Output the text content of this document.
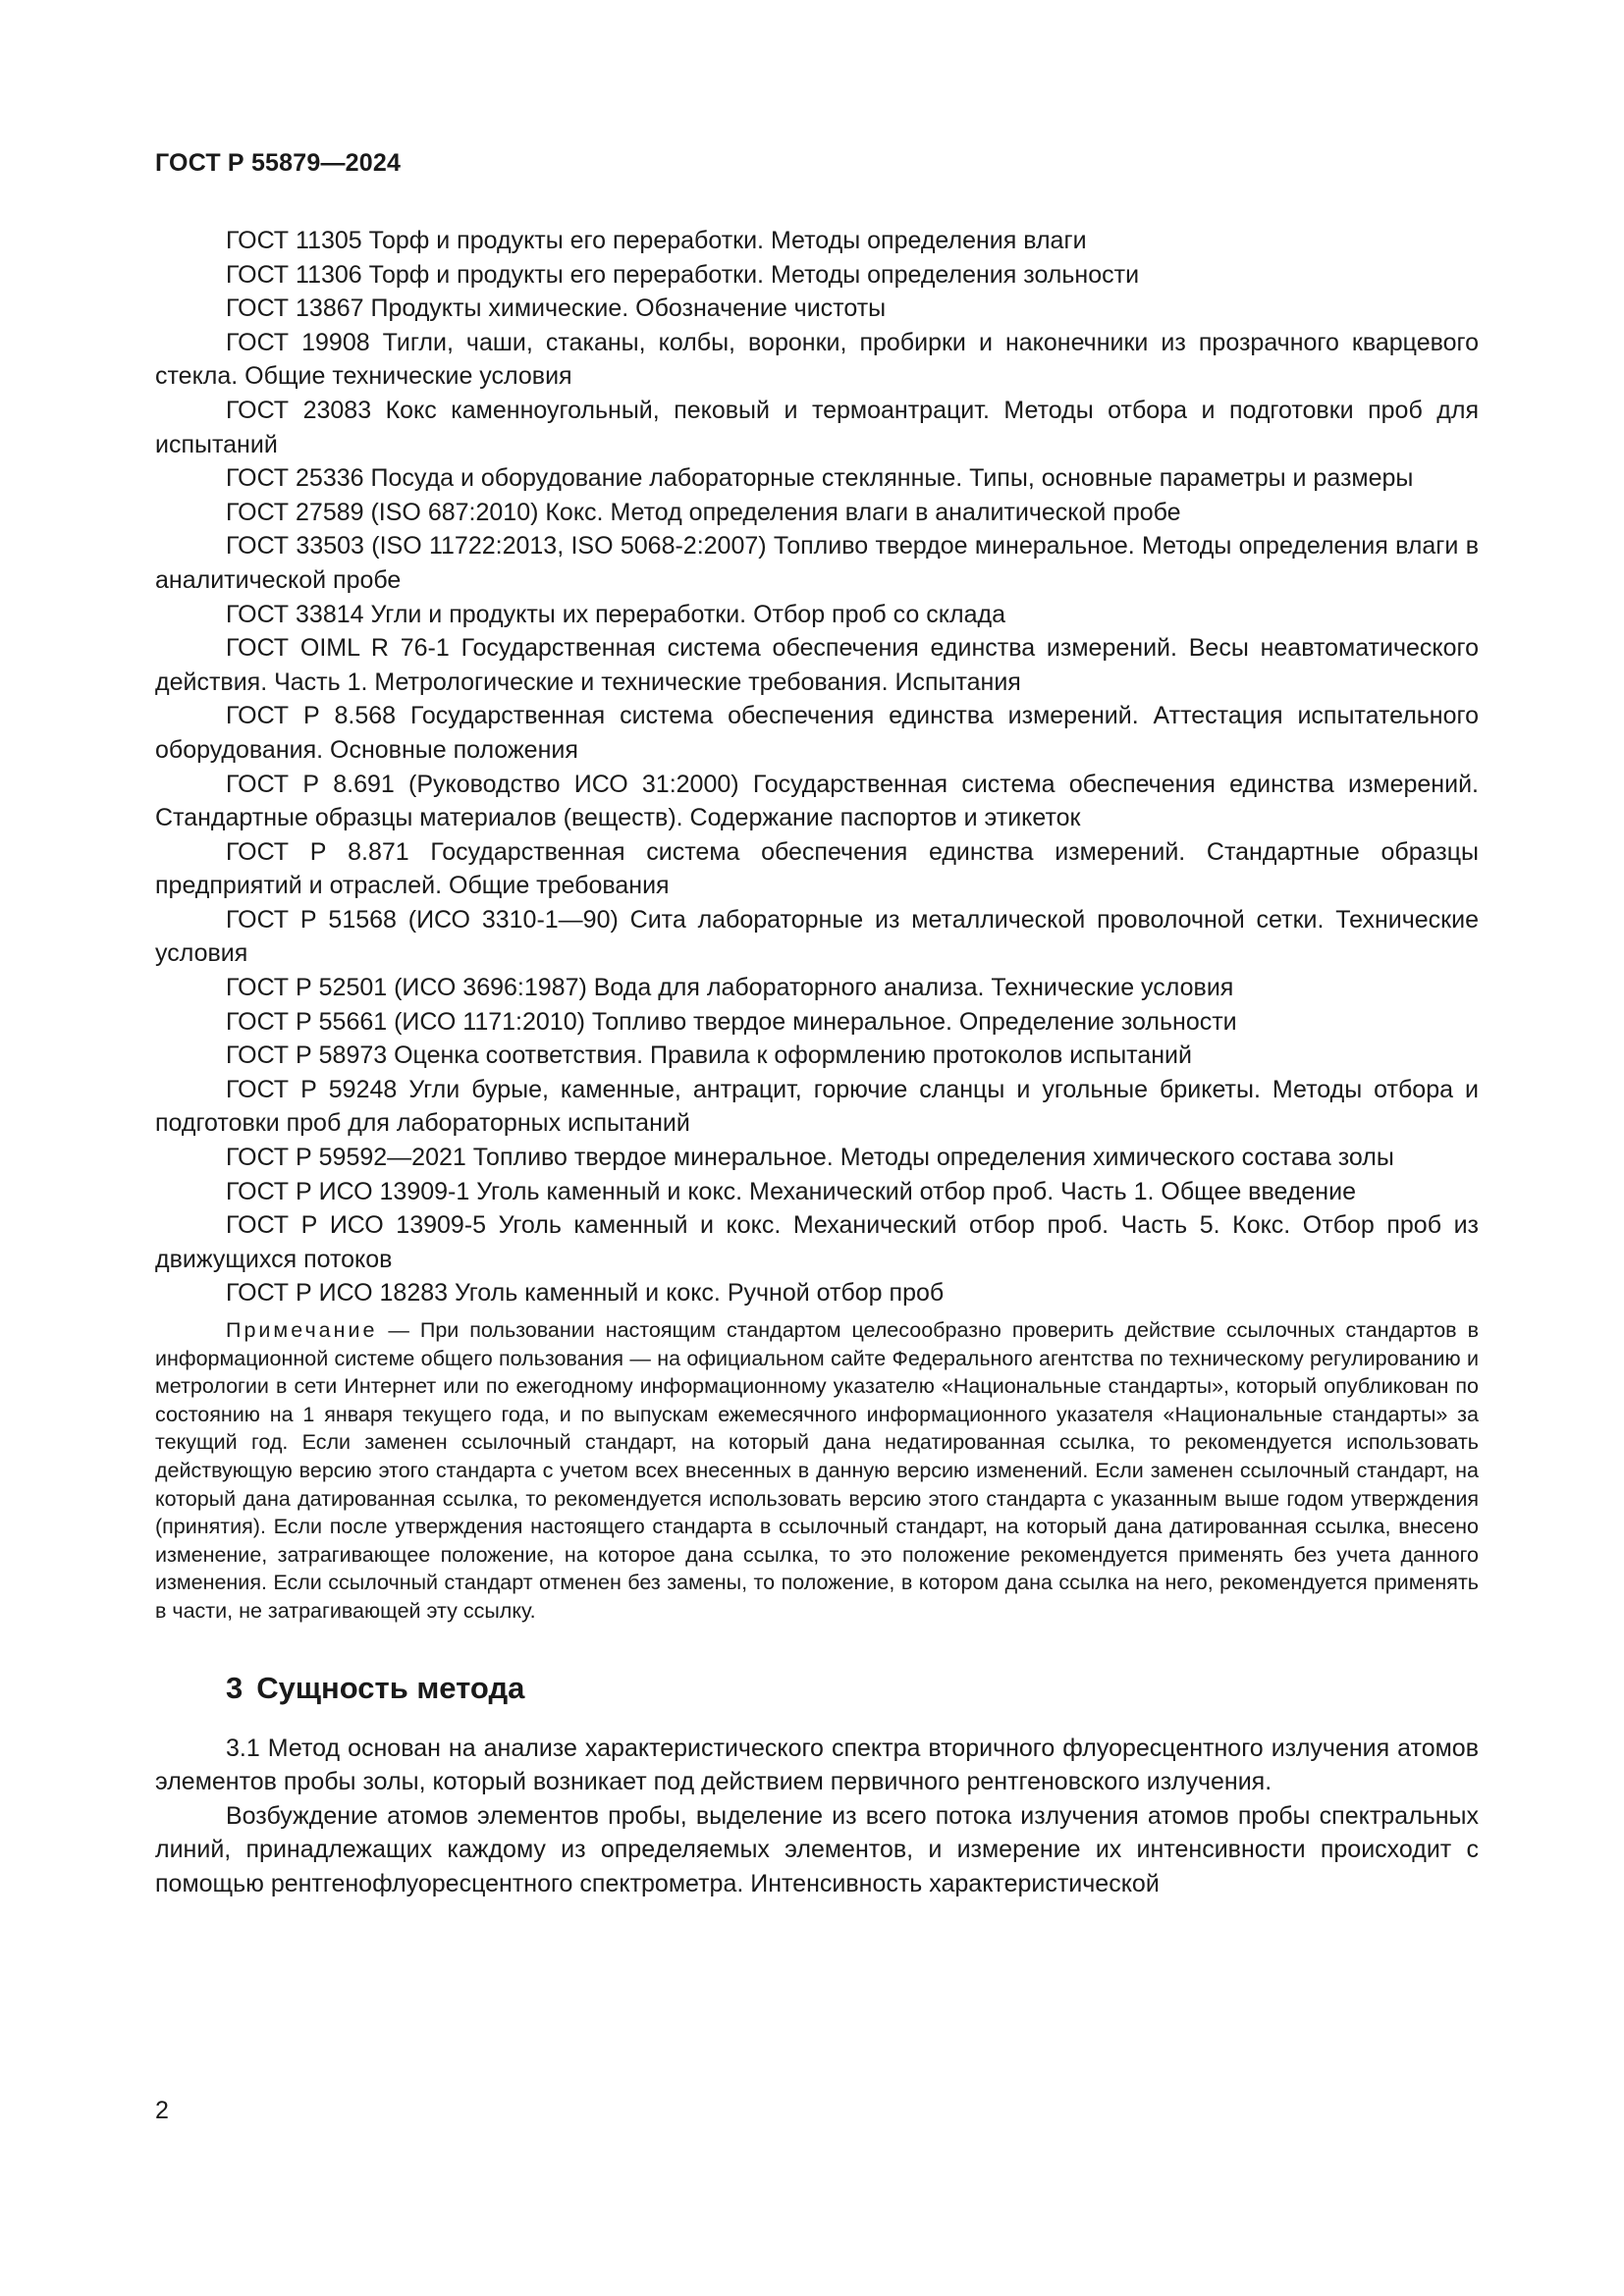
ГОСТ Р 55879—2024

ГОСТ 11305 Торф и продукты его переработки. Методы определения влаги

ГОСТ 11306 Торф и продукты его переработки. Методы определения зольности

ГОСТ 13867 Продукты химические. Обозначение чистоты

ГОСТ 19908 Тигли, чаши, стаканы, колбы, воронки, пробирки и наконечники из прозрачного кварцевого стекла. Общие технические условия

ГОСТ 23083 Кокс каменноугольный, пековый и термоантрацит. Методы отбора и подготовки проб для испытаний

ГОСТ 25336 Посуда и оборудование лабораторные стеклянные. Типы, основные параметры и размеры

ГОСТ 27589 (ISO 687:2010) Кокс. Метод определения влаги в аналитической пробе

ГОСТ 33503 (ISO 11722:2013, ISO 5068-2:2007) Топливо твердое минеральное. Методы определения влаги в аналитической пробе

ГОСТ 33814 Угли и продукты их переработки. Отбор проб со склада

ГОСТ OIML R 76-1 Государственная система обеспечения единства измерений. Весы неавтоматического действия. Часть 1. Метрологические и технические требования. Испытания

ГОСТ Р 8.568 Государственная система обеспечения единства измерений. Аттестация испытательного оборудования. Основные положения

ГОСТ Р 8.691 (Руководство ИСО 31:2000) Государственная система обеспечения единства измерений. Стандартные образцы материалов (веществ). Содержание паспортов и этикеток

ГОСТ Р 8.871 Государственная система обеспечения единства измерений. Стандартные образцы предприятий и отраслей. Общие требования

ГОСТ Р 51568 (ИСО 3310-1—90) Сита лабораторные из металлической проволочной сетки. Технические условия

ГОСТ Р 52501 (ИСО 3696:1987) Вода для лабораторного анализа. Технические условия

ГОСТ Р 55661 (ИСО 1171:2010) Топливо твердое минеральное. Определение зольности

ГОСТ Р 58973 Оценка соответствия. Правила к оформлению протоколов испытаний

ГОСТ Р 59248 Угли бурые, каменные, антрацит, горючие сланцы и угольные брикеты. Методы отбора и подготовки проб для лабораторных испытаний

ГОСТ Р 59592—2021 Топливо твердое минеральное. Методы определения химического состава золы

ГОСТ Р ИСО 13909-1 Уголь каменный и кокс. Механический отбор проб. Часть 1. Общее введение

ГОСТ Р ИСО 13909-5 Уголь каменный и кокс. Механический отбор проб. Часть 5. Кокс. Отбор проб из движущихся потоков

ГОСТ Р ИСО 18283 Уголь каменный и кокс. Ручной отбор проб

Примечание — При пользовании настоящим стандартом целесообразно проверить действие ссылочных стандартов в информационной системе общего пользования — на официальном сайте Федерального агентства по техническому регулированию и метрологии в сети Интернет или по ежегодному информационному указателю «Национальные стандарты», который опубликован по состоянию на 1 января текущего года, и по выпускам ежемесячного информационного указателя «Национальные стандарты» за текущий год. Если заменен ссылочный стандарт, на который дана недатированная ссылка, то рекомендуется использовать действующую версию этого стандарта с учетом всех внесенных в данную версию изменений. Если заменен ссылочный стандарт, на который дана датированная ссылка, то рекомендуется использовать версию этого стандарта с указанным выше годом утверждения (принятия). Если после утверждения настоящего стандарта в ссылочный стандарт, на который дана датированная ссылка, внесено изменение, затрагивающее положение, на которое дана ссылка, то это положение рекомендуется применять без учета данного изменения. Если ссылочный стандарт отменен без замены, то положение, в котором дана ссылка на него, рекомендуется применять в части, не затрагивающей эту ссылку.

3 Сущность метода

3.1 Метод основан на анализе характеристического спектра вторичного флуоресцентного излучения атомов элементов пробы золы, который возникает под действием первичного рентгеновского излучения.

Возбуждение атомов элементов пробы, выделение из всего потока излучения атомов пробы спектральных линий, принадлежащих каждому из определяемых элементов, и измерение их интенсивности происходит с помощью рентгенофлуоресцентного спектрометра. Интенсивность характеристической

2
